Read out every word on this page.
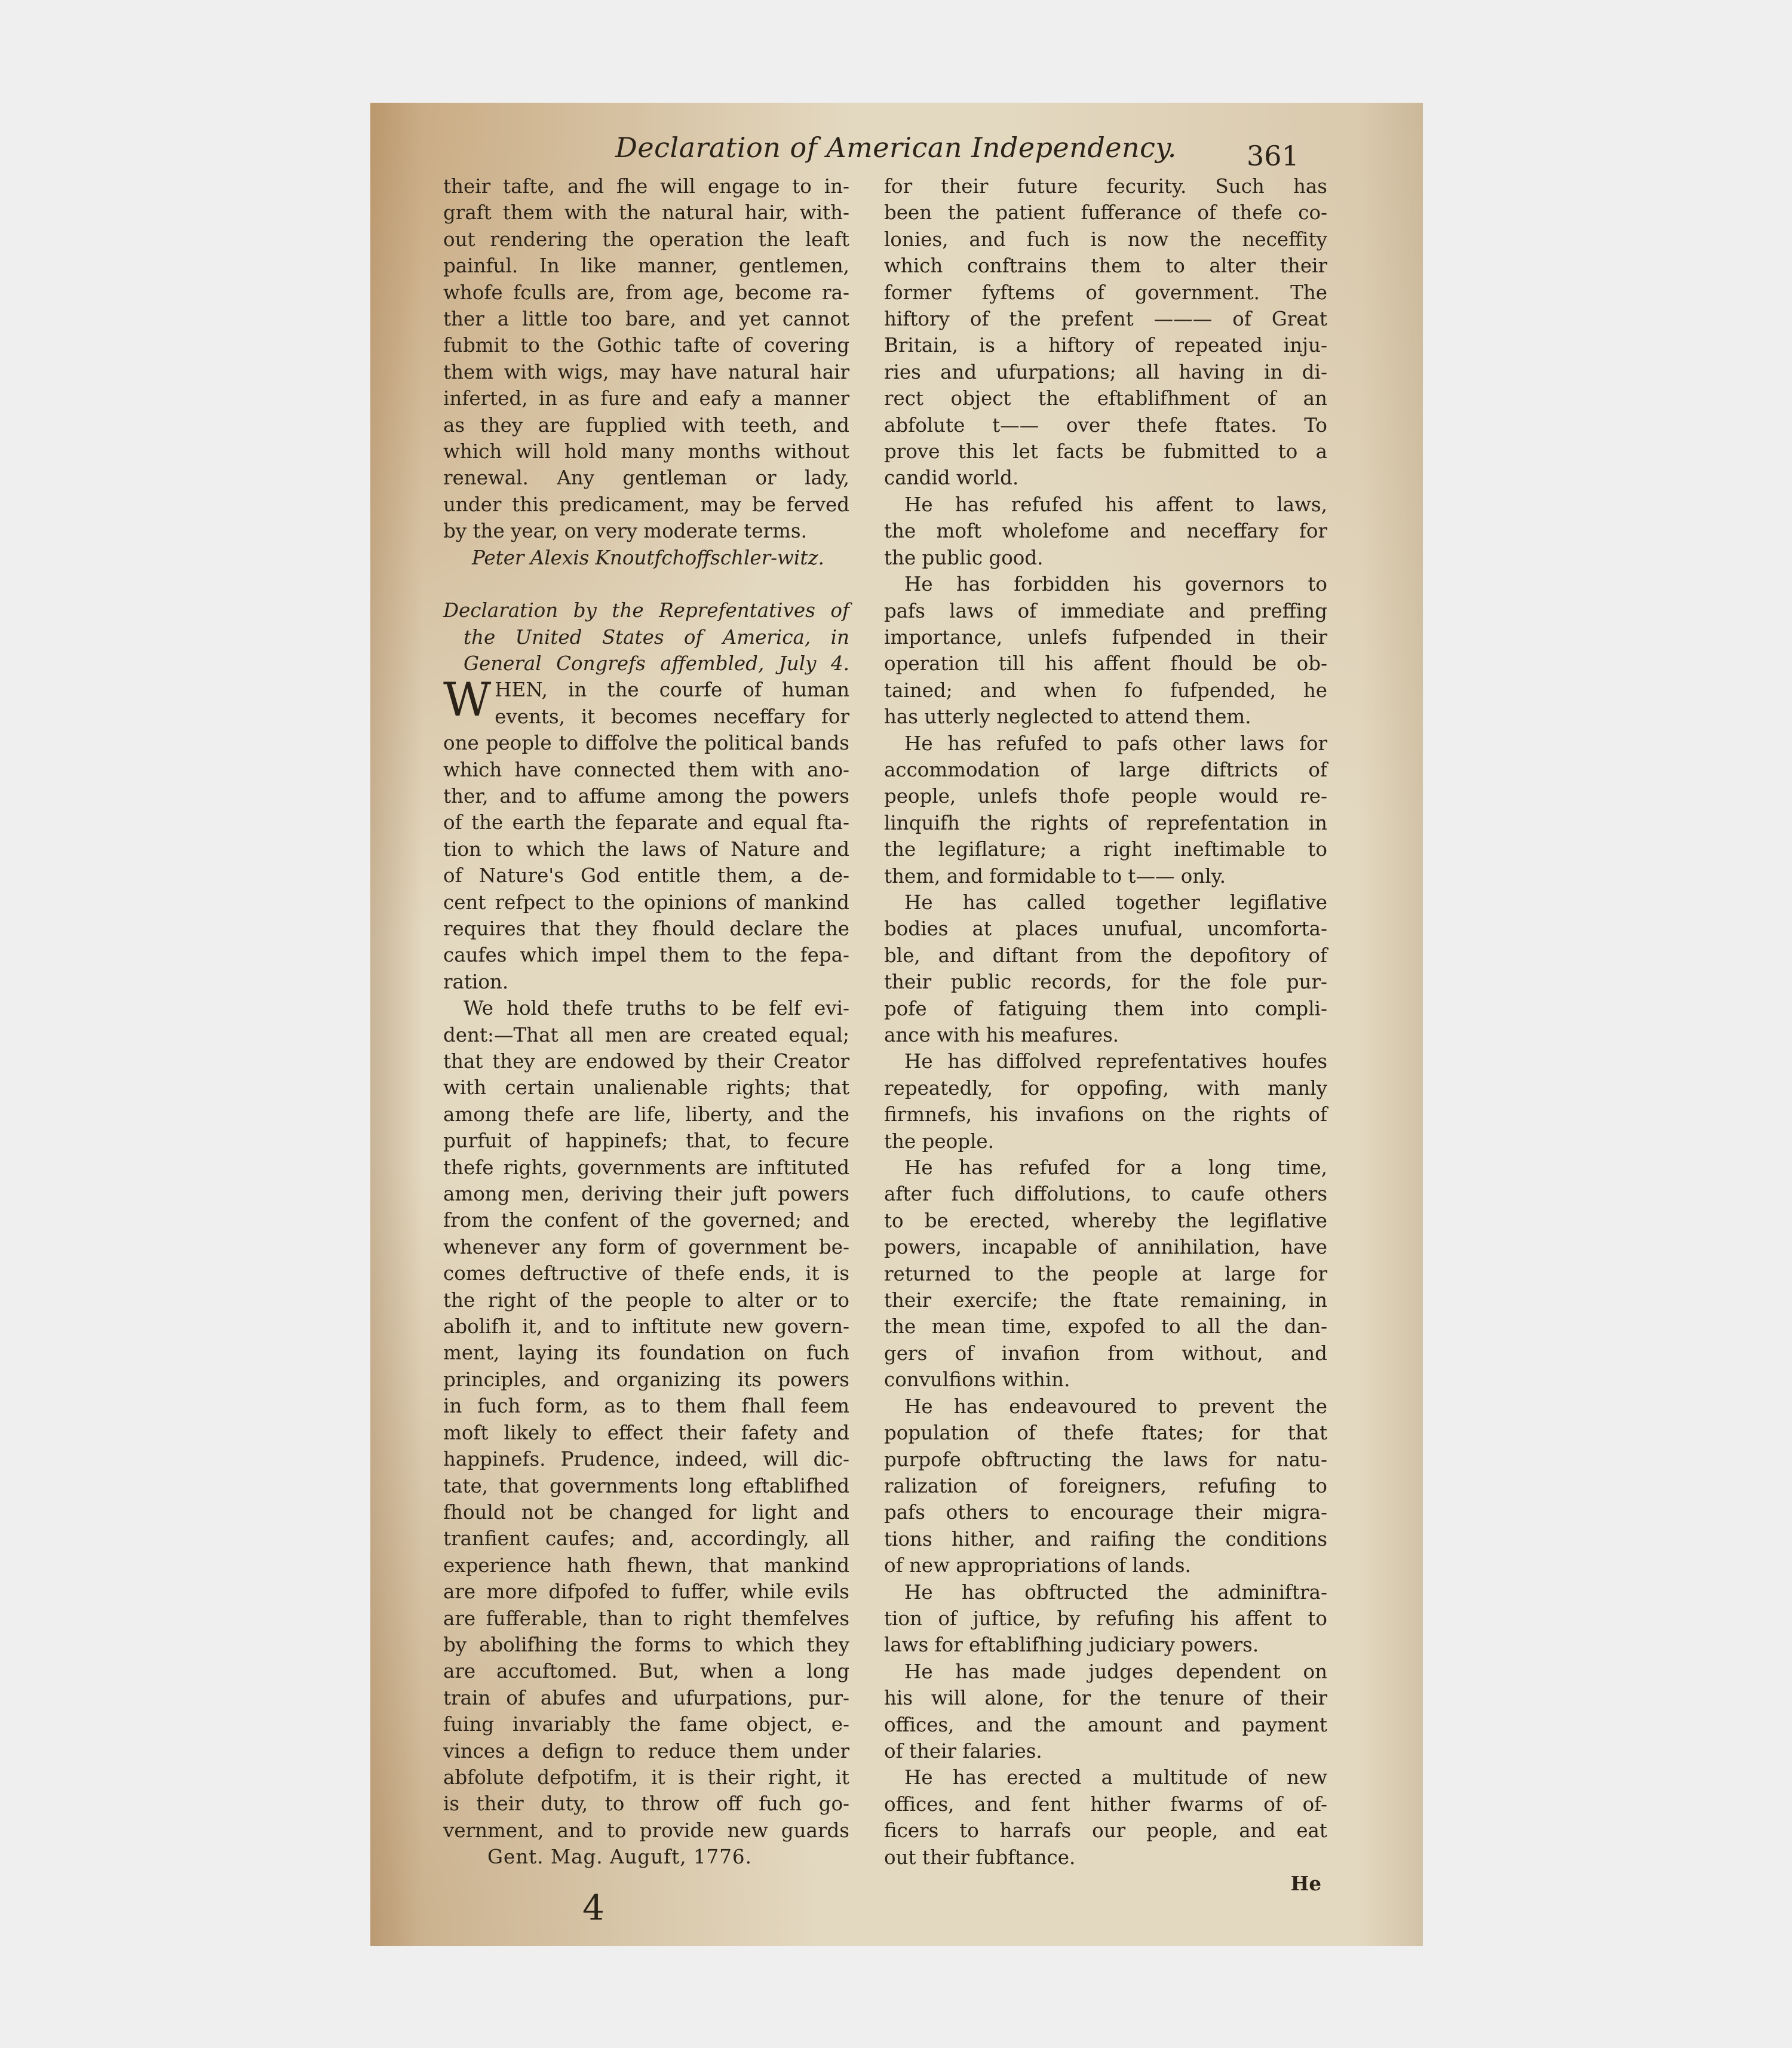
Declaration of American Independency.	361
their tafte, and fhe will engage to in-
graft them with the natural hair, with-
out rendering the operation the leaft
painful. In like manner, gentlemen,
whofe fculls are, from age, become ra-
ther a little too bare, and yet cannot
fubmit to the Gothic tafte of covering
them with wigs, may have natural hair
inferted, in as fure and eafy a manner
as they are fupplied with teeth, and
which will hold many months without
renewal. Any gentleman or lady,
under this predicament, may be ferved
by the year, on very moderate terms.
Peter Alexis Knoutfchoffschler-witz.
Declaration by the Reprefentatives of
the United States of America, in
General Congrefs affembled, July 4.
W HEN, in the courfe of human
events, it becomes neceffary for
one people to diffolve the political bands
which have connected them with ano-
ther, and to affume among the powers
of the earth the feparate and equal fta-
tion to which the laws of Nature and
of Nature's God entitle them, a de-
cent refpect to the opinions of mankind
requires that they fhould declare the
caufes which impel them to the fepa-
ration.
We hold thefe truths to be felf evi-
dent:—That all men are created equal;
that they are endowed by their Creator
with certain unalienable rights; that
among thefe are life, liberty, and the
purfuit of happinefs; that, to fecure
thefe rights, governments are inftituted
among men, deriving their juft powers
from the confent of the governed; and
whenever any form of government be-
comes deftructive of thefe ends, it is
the right of the people to alter or to
abolifh it, and to inftitute new govern-
ment, laying its foundation on fuch
principles, and organizing its powers
in fuch form, as to them fhall feem
moft likely to effect their fafety and
happinefs. Prudence, indeed, will dic-
tate, that governments long eftablifhed
fhould not be changed for light and
tranfient caufes; and, accordingly, all
experience hath fhewn, that mankind
are more difpofed to fuffer, while evils
are fufferable, than to right themfelves
by abolifhing the forms to which they
are accuftomed. But, when a long
train of abufes and ufurpations, pur-
fuing invariably the fame object, e-
vinces a defign to reduce them under
abfolute defpotifm, it is their right, it
is their duty, to throw off fuch go-
vernment, and to provide new guards
Gent. Mag. Auguft, 1776.
4
for their future fecurity. Such has
been the patient fufferance of thefe co-
lonies, and fuch is now the neceffity
which conftrains them to alter their
former fyftems of government. The
hiftory of the prefent ——— of Great
Britain, is a hiftory of repeated inju-
ries and ufurpations; all having in di-
rect object the eftablifhment of an
abfolute t—— over thefe ftates. To
prove this let facts be fubmitted to a
candid world.
He has refufed his affent to laws,
the moft wholefome and neceffary for
the public good.
He has forbidden his governors to
pafs laws of immediate and preffing
importance, unlefs fufpended in their
operation till his affent fhould be ob-
tained; and when fo fufpended, he
has utterly neglected to attend them.
He has refufed to pafs other laws for
accommodation of large diftricts of
people, unlefs thofe people would re-
linquifh the rights of reprefentation in
the legiflature; a right ineftimable to
them, and formidable to t—— only.
He has called together legiflative
bodies at places unufual, uncomforta-
ble, and diftant from the depofitory of
their public records, for the fole pur-
pofe of fatiguing them into compli-
ance with his meafures.
He has diffolved reprefentatives houfes
repeatedly, for oppofing, with manly
firmnefs, his invafions on the rights of
the people.
He has refufed for a long time,
after fuch diffolutions, to caufe others
to be erected, whereby the legiflative
powers, incapable of annihilation, have
returned to the people at large for
their exercife; the ftate remaining, in
the mean time, expofed to all the dan-
gers of invafion from without, and
convulfions within.
He has endeavoured to prevent the
population of thefe ftates; for that
purpofe obftructing the laws for natu-
ralization of foreigners, refufing to
pafs others to encourage their migra-
tions hither, and raifing the conditions
of new appropriations of lands.
He has obftructed the adminiftra-
tion of juftice, by refufing his affent to
laws for eftablifhing judiciary powers.
He has made judges dependent on
his will alone, for the tenure of their
offices, and the amount and payment
of their falaries.
He has erected a multitude of new
offices, and fent hither fwarms of of-
ficers to harrafs our people, and eat
out their fubftance.
He
